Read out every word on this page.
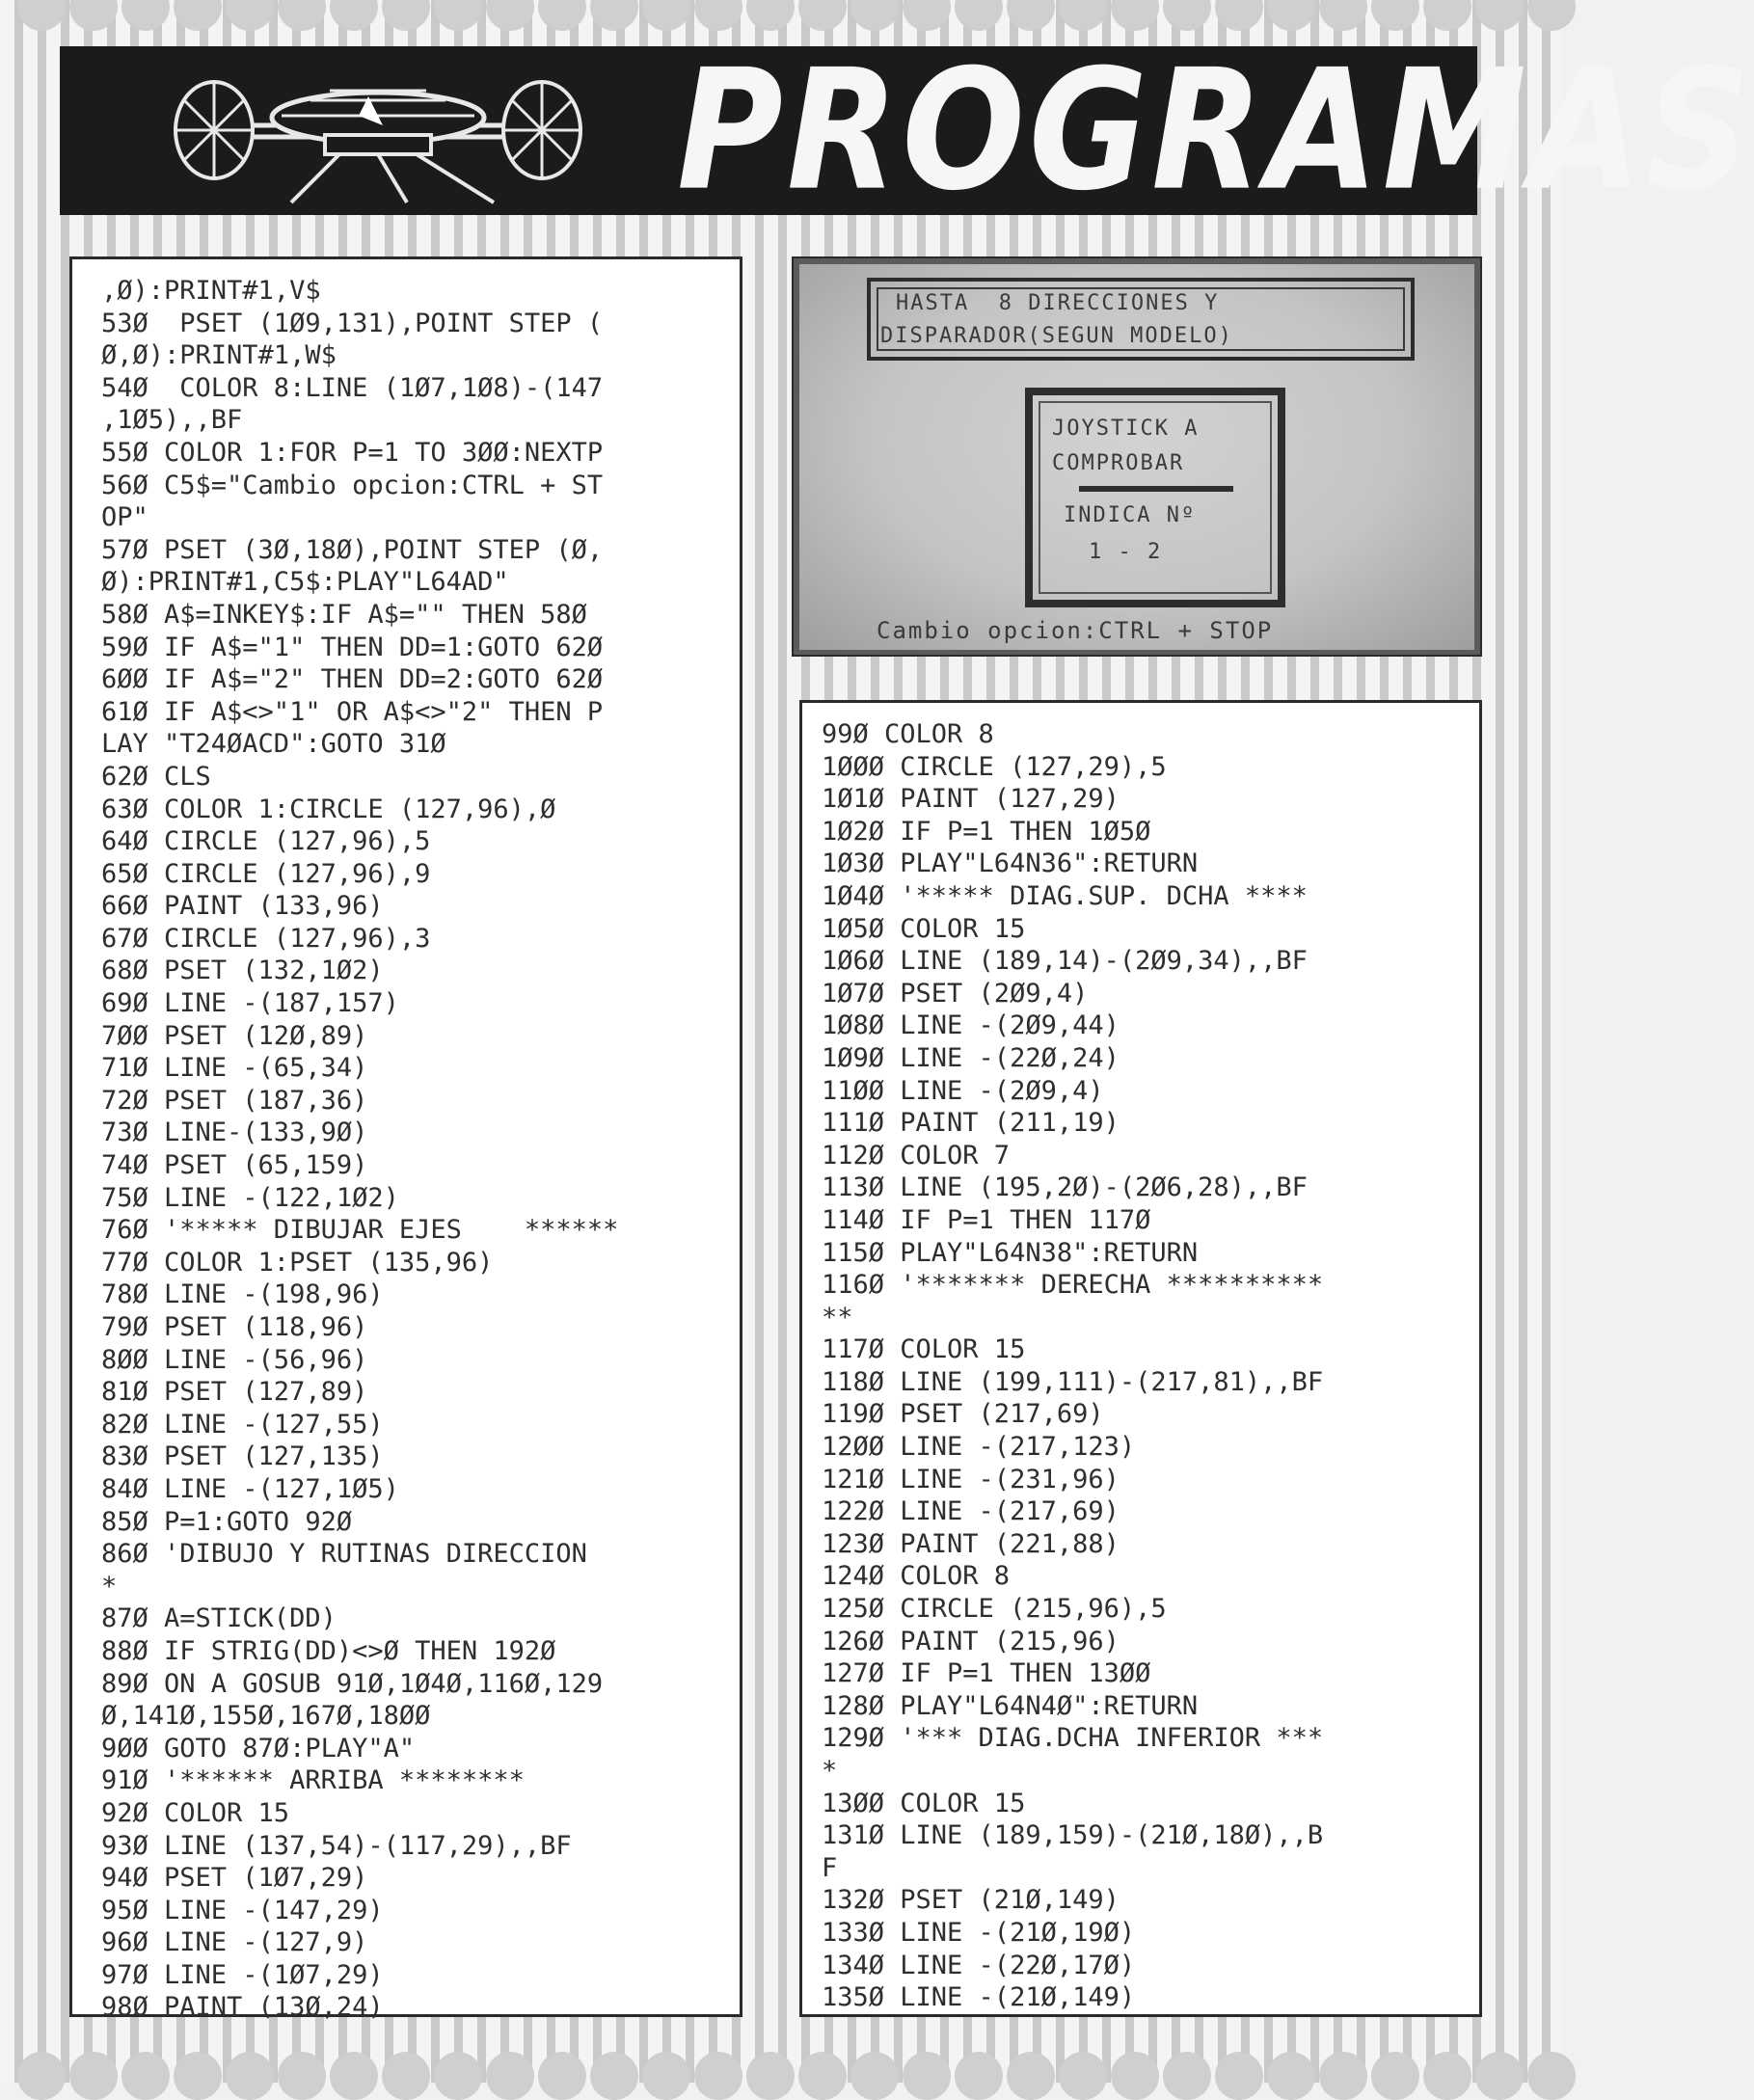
PROGRAMAS
,Ø):PRINT#1,V$
53Ø  PSET (1Ø9,131),POINT STEP (
Ø,Ø):PRINT#1,W$
54Ø  COLOR 8:LINE (1Ø7,1Ø8)-(147
,1Ø5),,BF
55Ø COLOR 1:FOR P=1 TO 3ØØ:NEXTP
56Ø C5$="Cambio opcion:CTRL + ST
OP"
57Ø PSET (3Ø,18Ø),POINT STEP (Ø,
Ø):PRINT#1,C5$:PLAY"L64AD"
58Ø A$=INKEY$:IF A$="" THEN 58Ø
59Ø IF A$="1" THEN DD=1:GOTO 62Ø
6ØØ IF A$="2" THEN DD=2:GOTO 62Ø
61Ø IF A$<>"1" OR A$<>"2" THEN P
LAY "T24ØACD":GOTO 31Ø
62Ø CLS
63Ø COLOR 1:CIRCLE (127,96),Ø
64Ø CIRCLE (127,96),5
65Ø CIRCLE (127,96),9
66Ø PAINT (133,96)
67Ø CIRCLE (127,96),3
68Ø PSET (132,1Ø2)
69Ø LINE -(187,157)
7ØØ PSET (12Ø,89)
71Ø LINE -(65,34)
72Ø PSET (187,36)
73Ø LINE-(133,9Ø)
74Ø PSET (65,159)
75Ø LINE -(122,1Ø2)
76Ø '***** DIBUJAR EJES    ******
77Ø COLOR 1:PSET (135,96)
78Ø LINE -(198,96)
79Ø PSET (118,96)
8ØØ LINE -(56,96)
81Ø PSET (127,89)
82Ø LINE -(127,55)
83Ø PSET (127,135)
84Ø LINE -(127,1Ø5)
85Ø P=1:GOTO 92Ø
86Ø 'DIBUJO Y RUTINAS DIRECCION
*
87Ø A=STICK(DD)
88Ø IF STRIG(DD)<>Ø THEN 192Ø
89Ø ON A GOSUB 91Ø,1Ø4Ø,116Ø,129
Ø,141Ø,155Ø,167Ø,18ØØ
9ØØ GOTO 87Ø:PLAY"A"
91Ø '****** ARRIBA ********
92Ø COLOR 15
93Ø LINE (137,54)-(117,29),,BF
94Ø PSET (1Ø7,29)
95Ø LINE -(147,29)
96Ø LINE -(127,9)
97Ø LINE -(1Ø7,29)
98Ø PAINT (13Ø,24)
HASTA  8 DIRECCIONES Y
DISPARADOR(SEGUN MODELO)
JOYSTICK A
COMPROBAR
INDICA Nº
1 - 2
Cambio opcion:CTRL + STOP
99Ø COLOR 8
1ØØØ CIRCLE (127,29),5
1Ø1Ø PAINT (127,29)
1Ø2Ø IF P=1 THEN 1Ø5Ø
1Ø3Ø PLAY"L64N36":RETURN
1Ø4Ø '***** DIAG.SUP. DCHA ****
1Ø5Ø COLOR 15
1Ø6Ø LINE (189,14)-(2Ø9,34),,BF
1Ø7Ø PSET (2Ø9,4)
1Ø8Ø LINE -(2Ø9,44)
1Ø9Ø LINE -(22Ø,24)
11ØØ LINE -(2Ø9,4)
111Ø PAINT (211,19)
112Ø COLOR 7
113Ø LINE (195,2Ø)-(2Ø6,28),,BF
114Ø IF P=1 THEN 117Ø
115Ø PLAY"L64N38":RETURN
116Ø '******* DERECHA **********
**
117Ø COLOR 15
118Ø LINE (199,111)-(217,81),,BF
119Ø PSET (217,69)
12ØØ LINE -(217,123)
121Ø LINE -(231,96)
122Ø LINE -(217,69)
123Ø PAINT (221,88)
124Ø COLOR 8
125Ø CIRCLE (215,96),5
126Ø PAINT (215,96)
127Ø IF P=1 THEN 13ØØ
128Ø PLAY"L64N4Ø":RETURN
129Ø '*** DIAG.DCHA INFERIOR ***
*
13ØØ COLOR 15
131Ø LINE (189,159)-(21Ø,18Ø),,B
F
132Ø PSET (21Ø,149)
133Ø LINE -(21Ø,19Ø)
134Ø LINE -(22Ø,17Ø)
135Ø LINE -(21Ø,149)
